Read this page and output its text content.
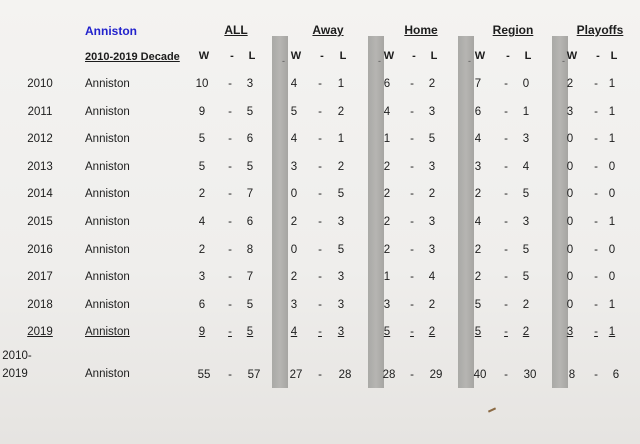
Anniston	ALL	Away	Home	Region	Playoffs
2010-2019 Decade	W	-	L	W	-	L	W	-	L	W	-	L	W	- L
-	-	-	-
2010	Anniston	10	-	3	4	-	1	6	-	2	7	-	0	2	- 1
2011	Anniston	9	-	5	5	-	2	4	-	3	6	-	1	3	- 1
2012	Anniston	5	-	6	4	-	1	1	-	5	4	-	3	0	- 1
2013	Anniston	5	-	5	3	-	2	2	-	3	3	-	4	0	- 0
2014	Anniston	2	-	7	0	-	5	2	-	2	2	-	5	0	- 0
2015	Anniston	4	-	6	2	-	3	2	-	3	4	-	3	0	- 1
2016	Anniston	2	-	8	0	-	5	2	-	3	2	-	5	0	- 0
2017	Anniston	3	-	7	2	-	3	1	-	4	2	-	5	0	- 0
2018	Anniston	6	-	5	3	-	3	3	-	2	5	-	2	0	- 1
2019	Anniston	9	-	5	4	-	3	5	-	2	5	-	2	3	- 1
2010-
2019	Anniston	55	-	57	27	-	28	28	-	29	40	-	30	8	-	6
